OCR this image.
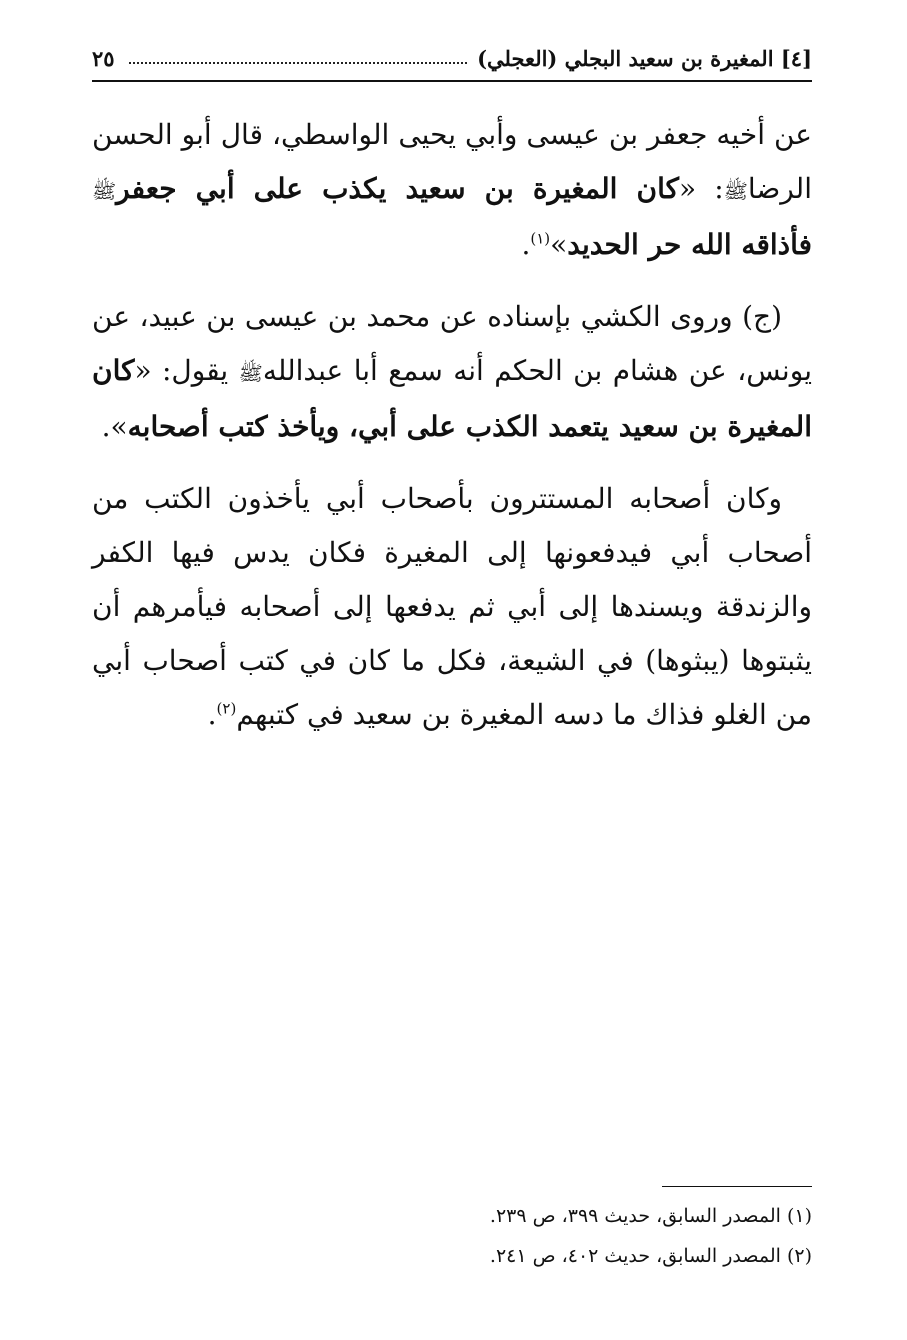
[٤] المغيرة بن سعيد البجلي (العجلي)
٢٥

عن أخيه جعفر بن عيسى وأبي يحيى الواسطي، قال أبو الحسن الرضاﷺ: «كان المغيرة بن سعيد يكذب على أبي جعفرﷺ فأذاقه الله حر الحديد»$^{(١)}$.

(ج) وروى الكشي بإسناده عن محمد بن عيسى بن عبيد، عن يونس، عن هشام بن الحكم أنه سمع أبا عبداللهﷺ يقول: «كان المغيرة بن سعيد يتعمد الكذب على أبي، ويأخذ كتب أصحابه».

وكان أصحابه المستترون بأصحاب أبي يأخذون الكتب من أصحاب أبي فيدفعونها إلى المغيرة فكان يدس فيها الكفر والزندقة ويسندها إلى أبي ثم يدفعها إلى أصحابه فيأمرهم أن يثبتوها (يبثوها) في الشيعة، فكل ما كان في كتب أصحاب أبي من الغلو فذاك ما دسه المغيرة بن سعيد في كتبهم$^{(٢)}$.

(١) المصدر السابق، حديث ٣٩٩، ص ٢٣٩.

(٢) المصدر السابق، حديث ٤٠٢، ص ٢٤١.
